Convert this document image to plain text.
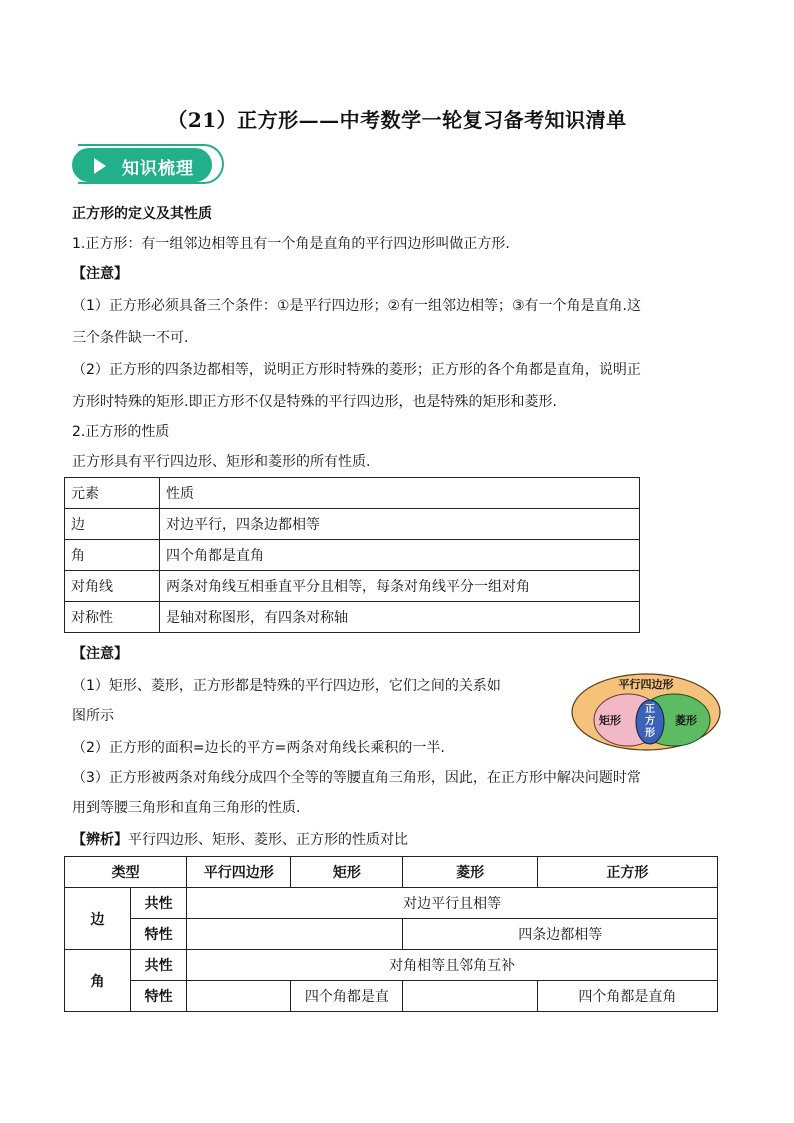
（21）正方形——中考数学一轮复习备考知识清单
知识梳理
正方形的定义及其性质
1.正方形：有一组邻边相等且有一个角是直角的平行四边形叫做正方形.
【注意】
（1）正方形必须具备三个条件：①是平行四边形；②有一组邻边相等；③有一个角是直角.这
三个条件缺一不可.
（2）正方形的四条边都相等，说明正方形时特殊的菱形；正方形的各个角都是直角，说明正
方形时特殊的矩形.即正方形不仅是特殊的平行四边形，也是特殊的矩形和菱形.
2.正方形的性质
正方形具有平行四边形、矩形和菱形的所有性质.
元素	性质
边	对边平行，四条边都相等
角	四个角都是直角
对角线	两条对角线互相垂直平分且相等，每条对角线平分一组对角
对称性	是轴对称图形，有四条对称轴
【注意】
（1）矩形、菱形，正方形都是特殊的平行四边形，它们之间的关系如
图所示
（2）正方形的面积=边长的平方=两条对角线长乘积的一半.
（3）正方形被两条对角线分成四个全等的等腰直角三角形，因此，在正方形中解决问题时常
用到等腰三角形和直角三角形的性质.
【辨析】平行四边形、矩形、菱形、正方形的性质对比
平行四边形
矩形	菱形
正
方
形
类型		平行四边形	矩形	菱形	正方形
边	共性	对边平行且相等			
	特性			四条边都相等	
角	共性	对角相等且邻角互补			
	特性		四个角都是直		四个角都是直角
